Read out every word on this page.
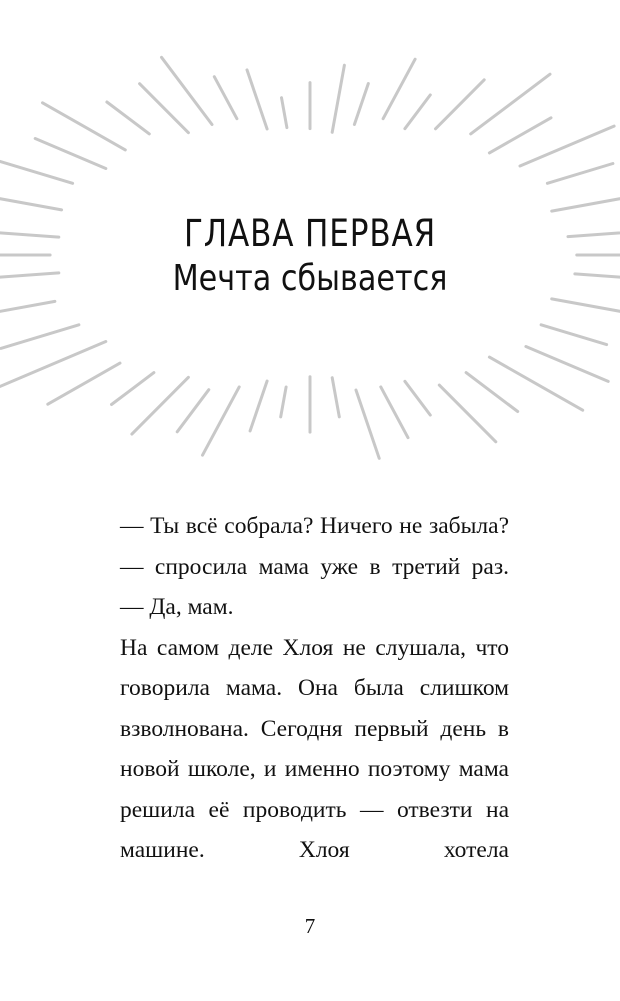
ГЛАВА ПЕРВАЯ
Мечта сбывается

— Ты всё собрала? Ничего не забыла? — спросила мама уже в третий раз.

— Да, мам.

На самом деле Хлоя не слушала, что говорила мама. Она была слишком взволнована. Сегодня первый день в новой школе, и именно поэтому мама решила её проводить — отвезти на машине. Хлоя хотела

7
